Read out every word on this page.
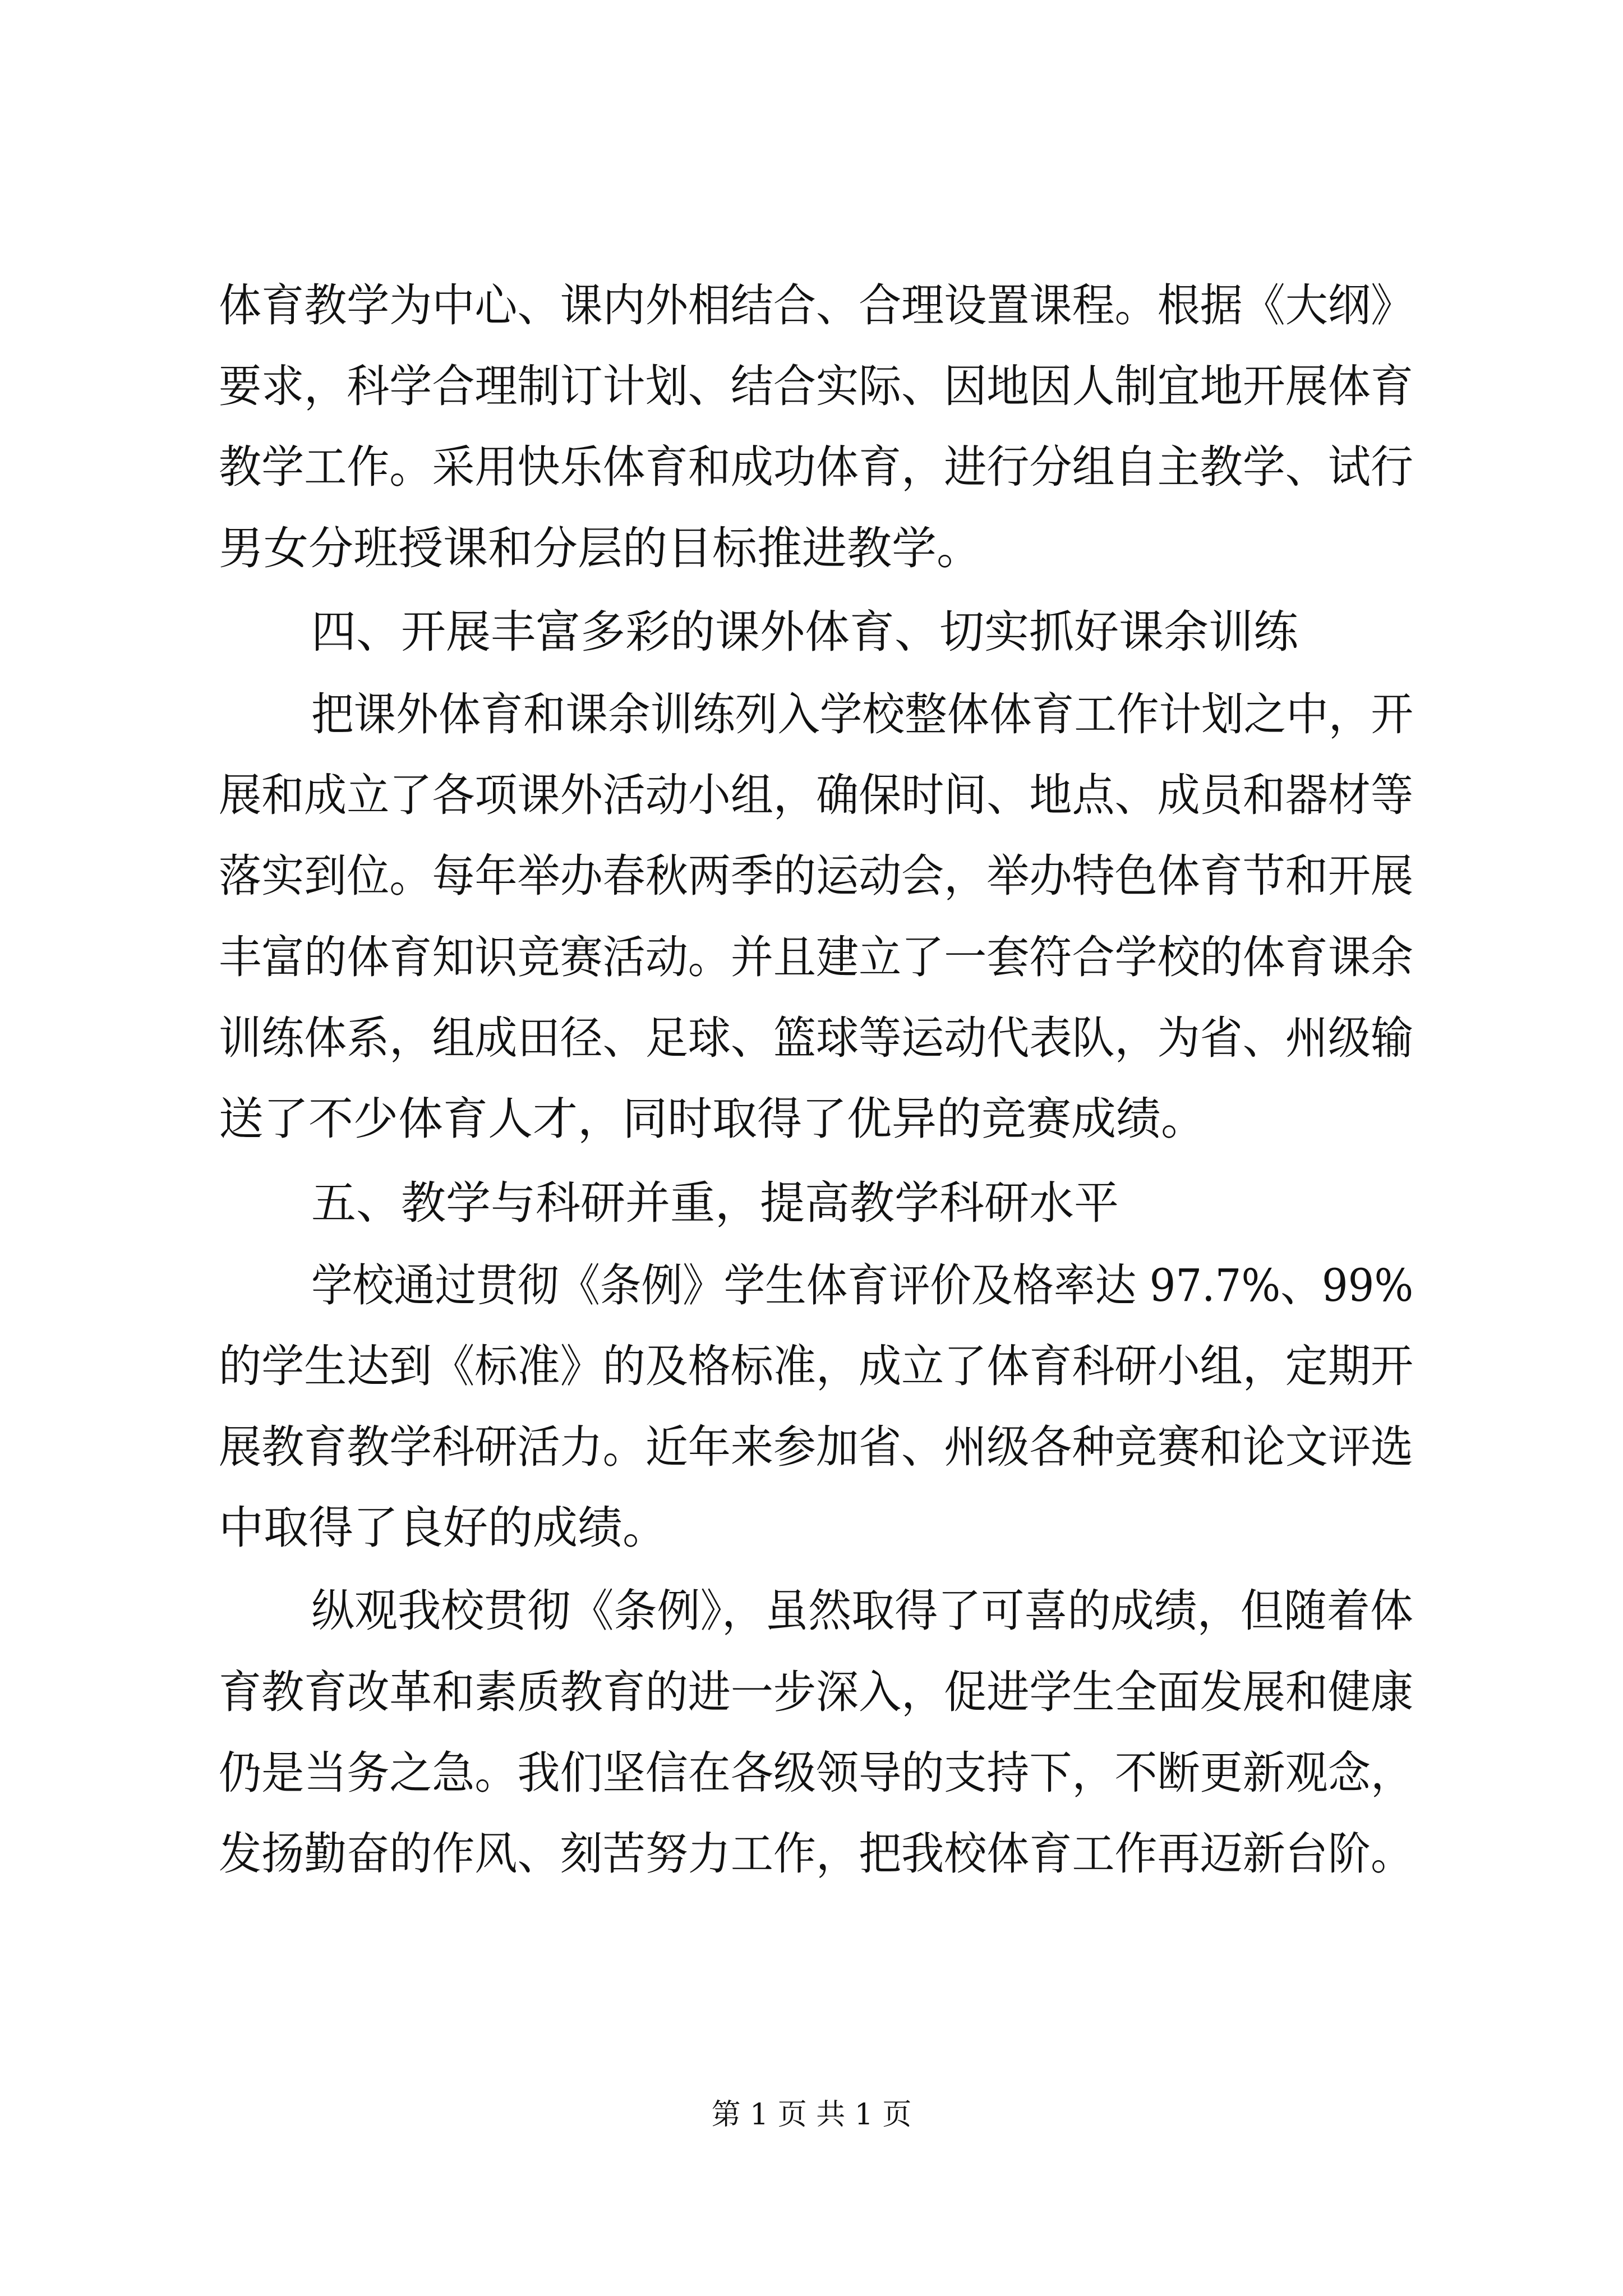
体育教学为中心、课内外相结合、合理设置课程。根据《大纲》
要求，科学合理制订计划、结合实际、因地因人制宜地开展体育
教学工作。采用快乐体育和成功体育，进行分组自主教学、试行
男女分班授课和分层的目标推进教学。
四、开展丰富多彩的课外体育、切实抓好课余训练
把课外体育和课余训练列入学校整体体育工作计划之中，开
展和成立了各项课外活动小组，确保时间、地点、成员和器材等
落实到位。每年举办春秋两季的运动会，举办特色体育节和开展
丰富的体育知识竞赛活动。并且建立了一套符合学校的体育课余
训练体系，组成田径、足球、篮球等运动代表队，为省、州级输
送了不少体育人才，同时取得了优异的竞赛成绩。
五、教学与科研并重，提高教学科研水平
学校通过贯彻《条例》学生体育评价及格率达 97.7%、99%
的学生达到《标准》的及格标准，成立了体育科研小组，定期开
展教育教学科研活力。近年来参加省、州级各种竞赛和论文评选
中取得了良好的成绩。
纵观我校贯彻《条例》，虽然取得了可喜的成绩，但随着体
育教育改革和素质教育的进一步深入，促进学生全面发展和健康
仍是当务之急。我们坚信在各级领导的支持下，不断更新观念，
发扬勤奋的作风、刻苦努力工作，把我校体育工作再迈新台阶。
第 1 页 共 1 页
